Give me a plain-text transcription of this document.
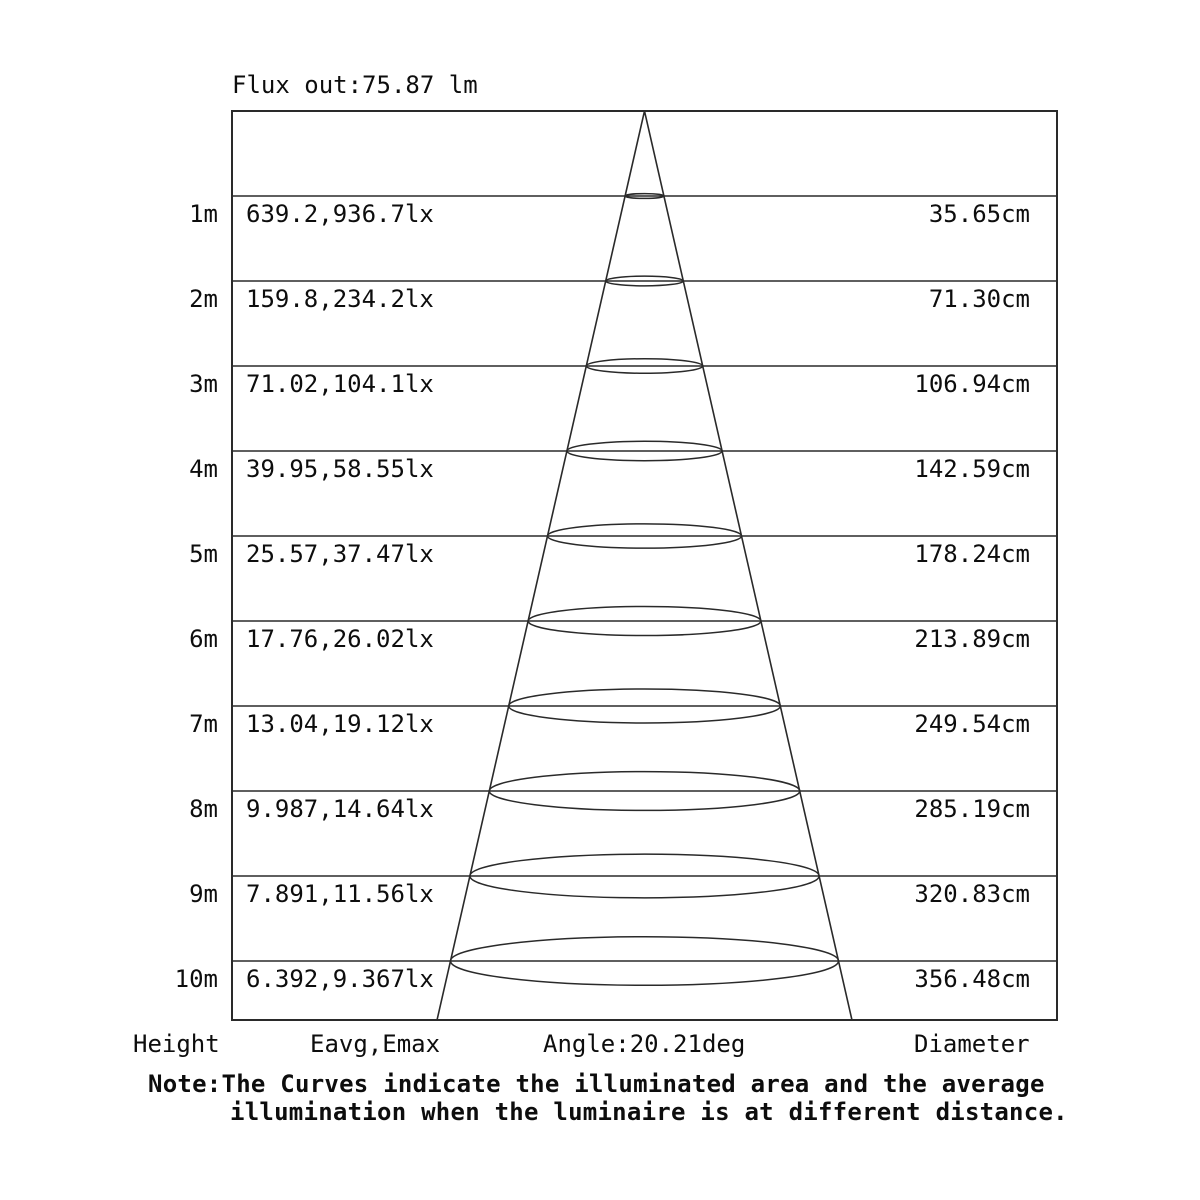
Flux out:75.87 lm
1m 639.2,936.7lx	35.65cm
2m 159.8,234.2lx	71.30cm
3m 71.02,104.1lx	106.94cm
4m 39.95,58.55lx	142.59cm
5m 25.57,37.47lx	178.24cm
6m 17.76,26.02lx	213.89cm
7m 13.04,19.12lx	249.54cm
8m 9.987,14.64lx	285.19cm
9m 7.891,11.56lx	320.83cm
10m 6.392,9.367lx	356.48cm
Height	Eavg,Emax	Angle:20.21deg	Diameter
Note:The Curves indicate the illuminated area and the average
illumination when the luminaire is at different distance.
